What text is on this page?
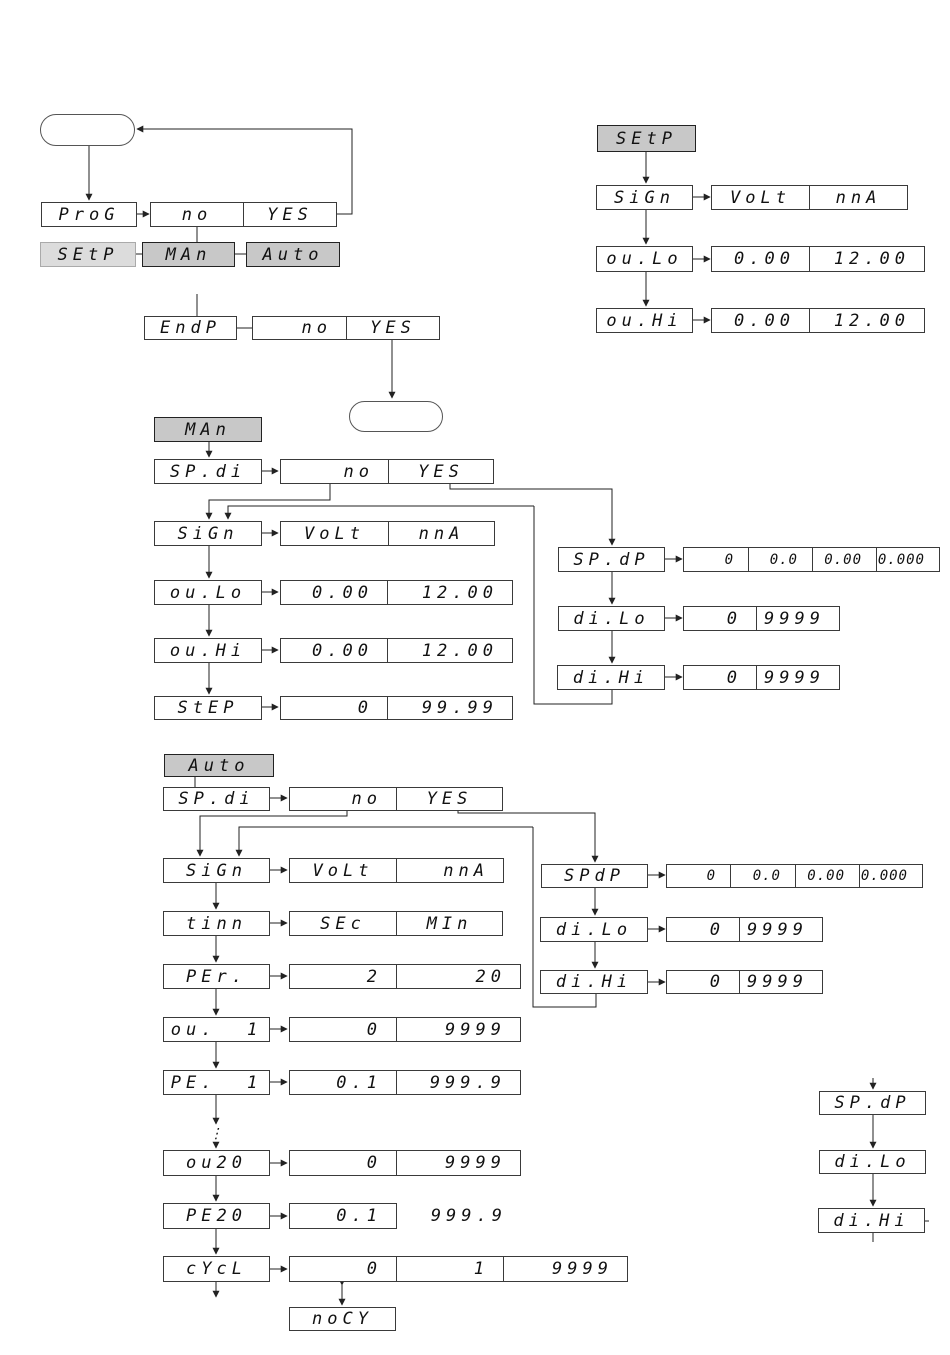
ProG	no	YES
SEtP	MAn	Auto
EndP	no	YES
SEtP
SiGn	VoLt	nnA
ou.Lo	0.00	12.00
ou.Hi	0.00	12.00
MAn
SP.di	no	YES
SiGn	VoLt	nnA
ou.Lo	0.00	12.00
ou.Hi	0.00	12.00
StEP	0	99.99
SP.dP	0	0.0	0.00	0.000
di.Lo	0	9999
di.Hi	0	9999
Auto
SP.di	no	YES
SiGn	VoLt	nnA
tinn	SEc	MIn
PEr.	2	20
ou.  1	0	9999
PE.  1	0.1	999.9
⋮
ou20	0	9999
PE20	0.1	999.9
cYcL	0	1	9999
noCY
SPdP	0	0.0	0.00	0.000
di.Lo	0	9999
di.Hi	0	9999
SP.dP
di.Lo
di.Hi
